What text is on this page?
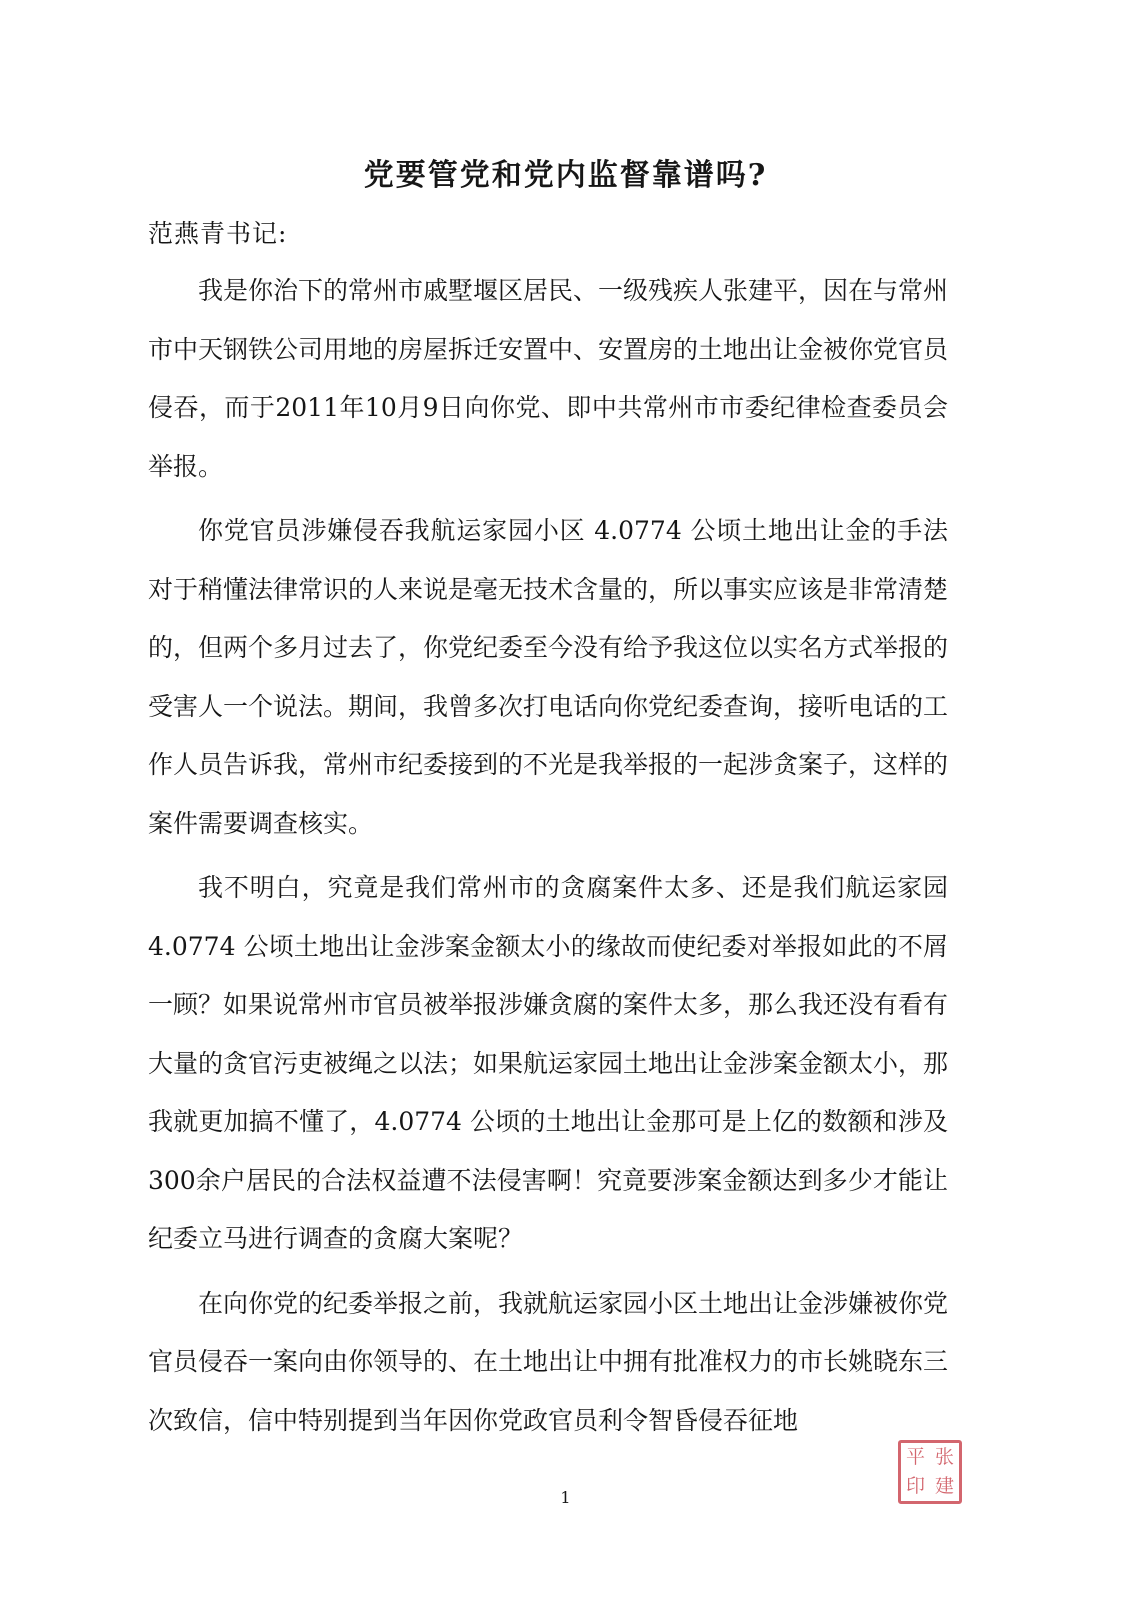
党要管党和党内监督靠谱吗?
范燕青书记:

我是你治下的常州市戚墅堰区居民、一级残疾人张建平，因在与常州市中天钢铁公司用地的房屋拆迁安置中、安置房的土地出让金被你党官员侵吞，而于2011年10月9日向你党、即中共常州市市委纪律检查委员会举报。

你党官员涉嫌侵吞我航运家园小区 4.0774 公顷土地出让金的手法对于稍懂法律常识的人来说是毫无技术含量的，所以事实应该是非常清楚的，但两个多月过去了，你党纪委至今没有给予我这位以实名方式举报的受害人一个说法。期间，我曾多次打电话向你党纪委查询，接听电话的工作人员告诉我，常州市纪委接到的不光是我举报的一起涉贪案子，这样的案件需要调查核实。

我不明白，究竟是我们常州市的贪腐案件太多、还是我们航运家园 4.0774 公顷土地出让金涉案金额太小的缘故而使纪委对举报如此的不屑一顾？如果说常州市官员被举报涉嫌贪腐的案件太多，那么我还没有看有大量的贪官污吏被绳之以法；如果航运家园土地出让金涉案金额太小，那我就更加搞不懂了，4.0774 公顷的土地出让金那可是上亿的数额和涉及300余户居民的合法权益遭不法侵害啊！究竟要涉案金额达到多少才能让纪委立马进行调查的贪腐大案呢？

在向你党的纪委举报之前，我就航运家园小区土地出让金涉嫌被你党官员侵吞一案向由你领导的、在土地出让中拥有批准权力的市长姚晓东三次致信，信中特别提到当年因你党政官员利令智昏侵吞征地

1
平 张
印 建
